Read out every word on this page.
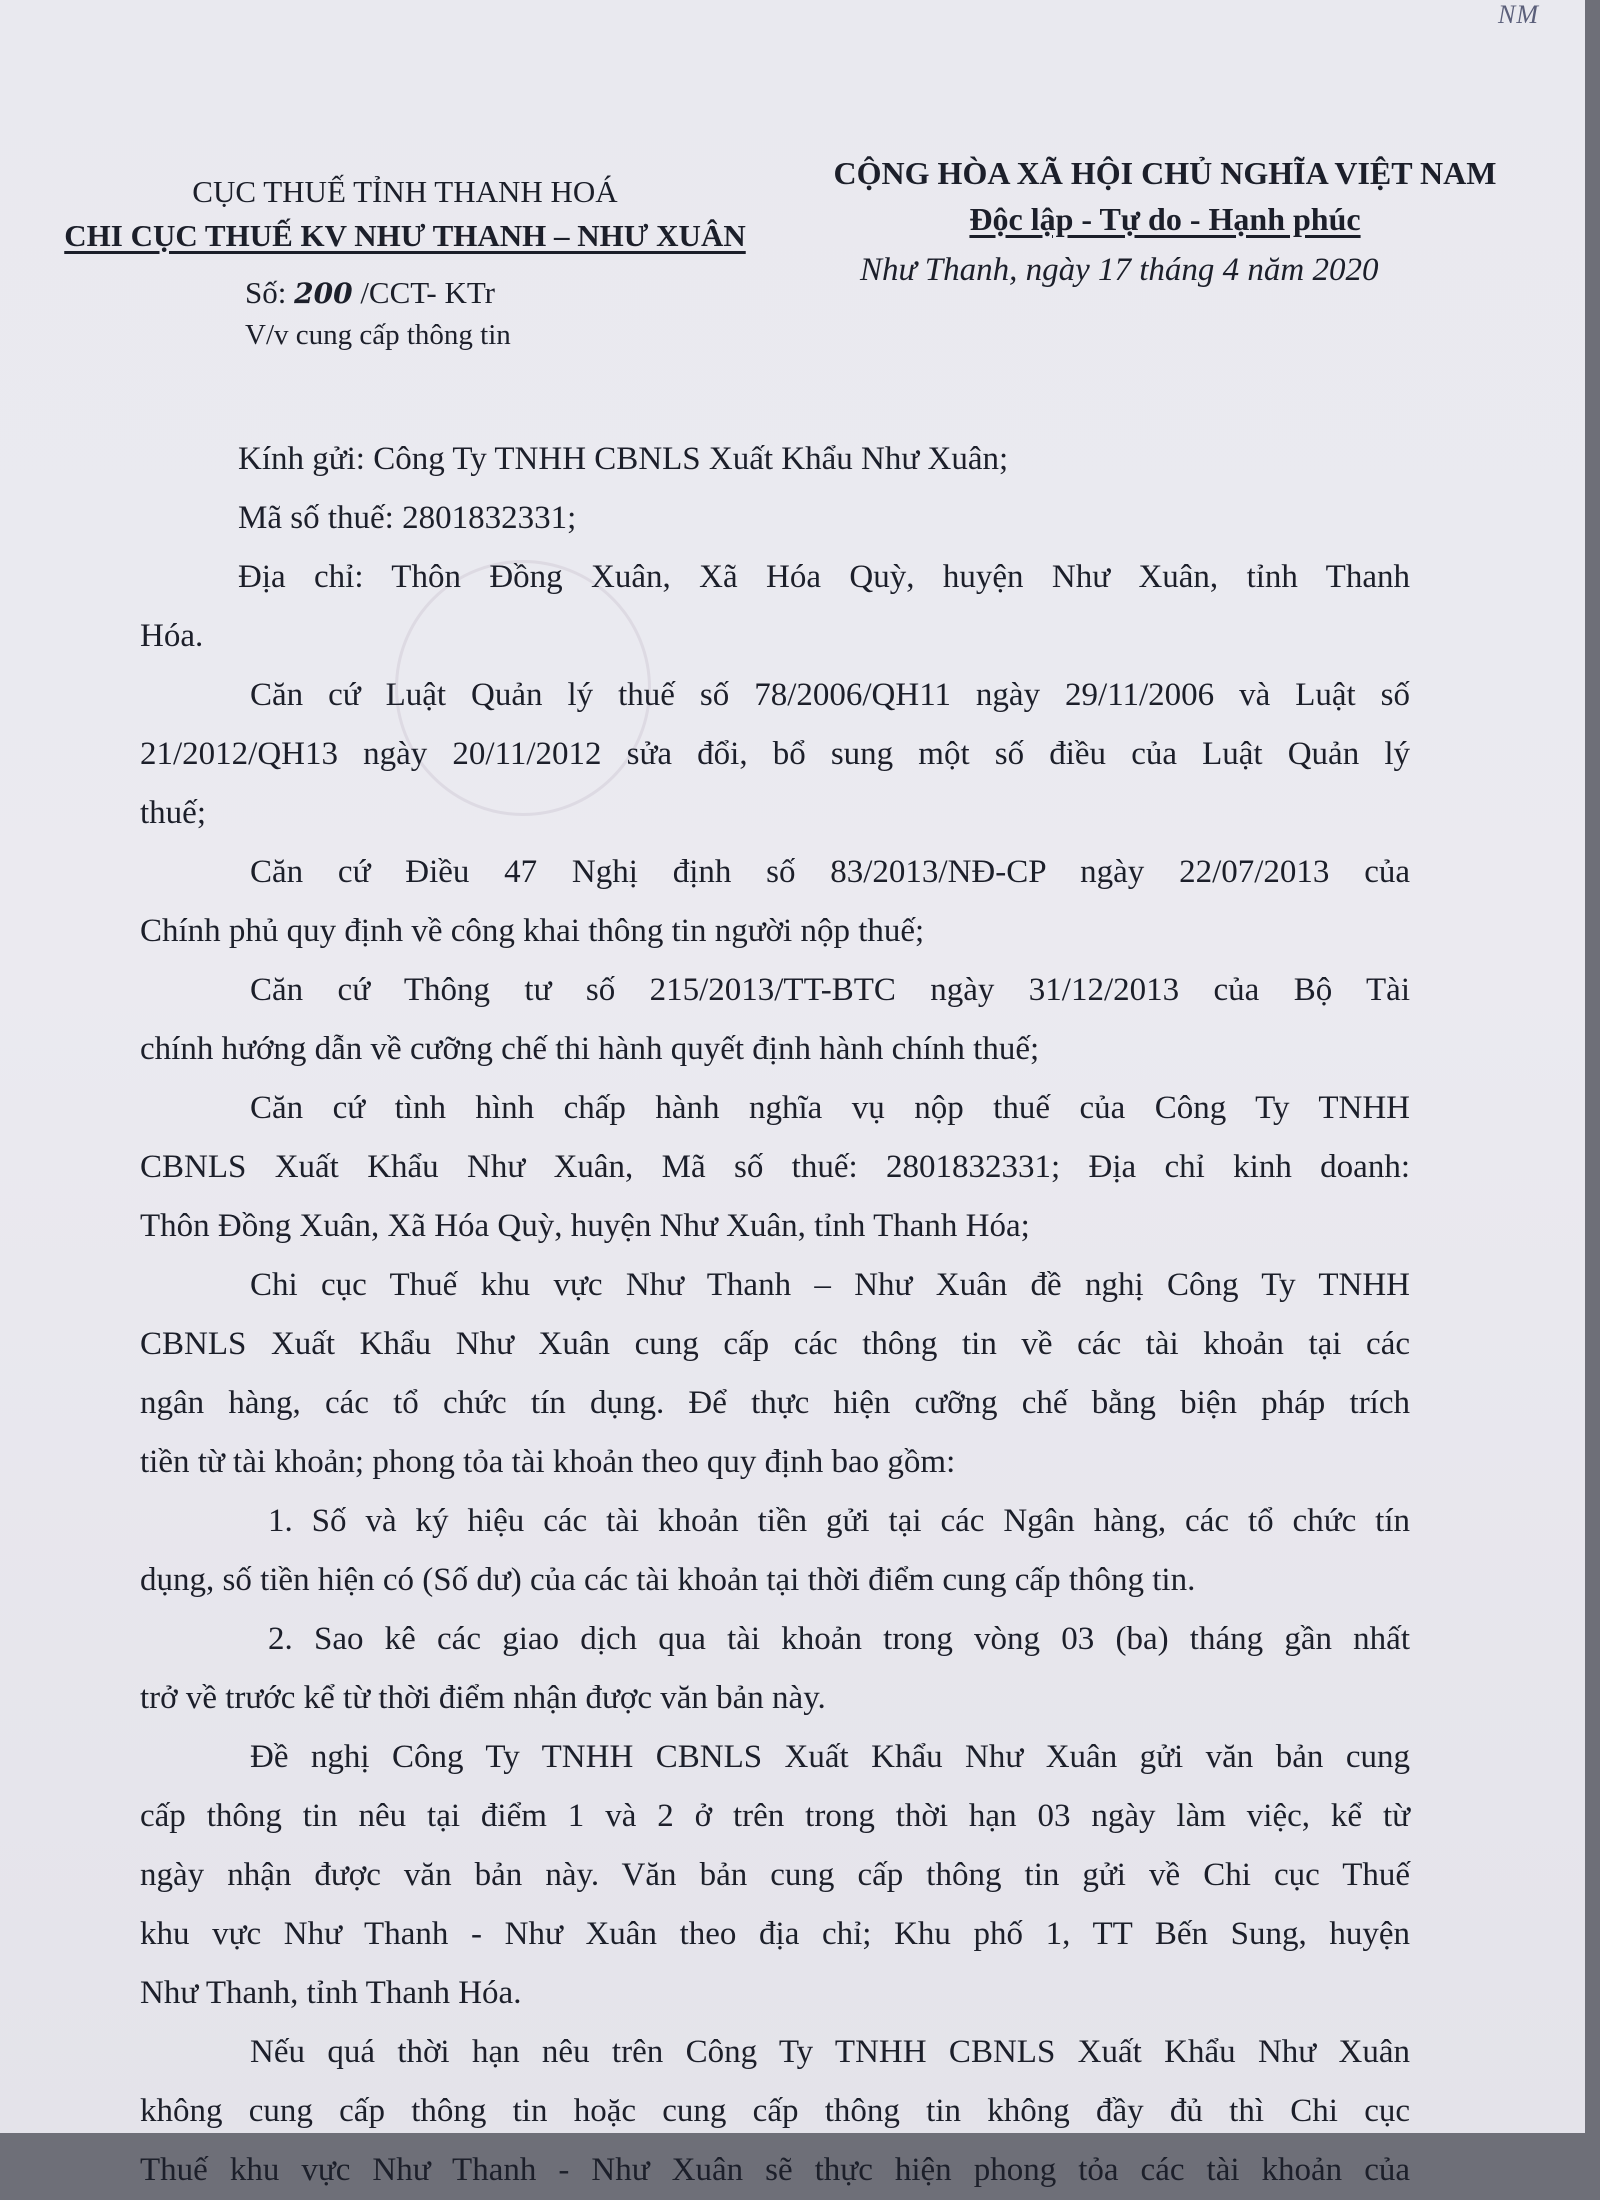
NM
CỤC THUẾ TỈNH THANH HOÁ
CHI CỤC THUẾ KV NHƯ THANH – NHƯ XUÂN
CỘNG HÒA XÃ HỘI CHỦ NGHĨA VIỆT NAM
Độc lập - Tự do - Hạnh phúc
Số: 200 /CCT- KTr
V/v cung cấp thông tin
Như Thanh, ngày 17 tháng 4 năm 2020

Kính gửi: Công Ty TNHH CBNLS Xuất Khẩu Như Xuân;
Mã số thuế: 2801832331;
Địa chỉ: Thôn Đồng Xuân, Xã Hóa Quỳ, huyện Như Xuân, tỉnh Thanh
Hóa.

Căn cứ Luật Quản lý thuế số 78/2006/QH11 ngày 29/11/2006 và Luật số
21/2012/QH13 ngày 20/11/2012 sửa đổi, bổ sung một số điều của Luật Quản lý
thuế;

Căn cứ Điều 47 Nghị định số 83/2013/NĐ-CP ngày 22/07/2013 của
Chính phủ quy định về công khai thông tin người nộp thuế;

Căn cứ Thông tư số 215/2013/TT-BTC ngày 31/12/2013 của Bộ Tài
chính hướng dẫn về cưỡng chế thi hành quyết định hành chính thuế;

Căn cứ tình hình chấp hành nghĩa vụ nộp thuế của Công Ty TNHH
CBNLS Xuất Khẩu Như Xuân, Mã số thuế: 2801832331; Địa chỉ kinh doanh:
Thôn Đồng Xuân, Xã Hóa Quỳ, huyện Như Xuân, tỉnh Thanh Hóa;

Chi cục Thuế khu vực Như Thanh – Như Xuân đề nghị Công Ty TNHH
CBNLS Xuất Khẩu Như Xuân cung cấp các thông tin về các tài khoản tại các
ngân hàng, các tổ chức tín dụng. Để thực hiện cưỡng chế bằng biện pháp trích
tiền từ tài khoản; phong tỏa tài khoản theo quy định bao gồm:

1. Số và ký hiệu các tài khoản tiền gửi tại các Ngân hàng, các tổ chức tín
dụng, số tiền hiện có (Số dư) của các tài khoản tại thời điểm cung cấp thông tin.

2. Sao kê các giao dịch qua tài khoản trong vòng 03 (ba) tháng gần nhất
trở về trước kể từ thời điểm nhận được văn bản này.

Đề nghị Công Ty TNHH CBNLS Xuất Khẩu Như Xuân gửi văn bản cung
cấp thông tin nêu tại điểm 1 và 2 ở trên trong thời hạn 03 ngày làm việc, kể từ
ngày nhận được văn bản này. Văn bản cung cấp thông tin gửi về Chi cục Thuế
khu vực Như Thanh - Như Xuân theo địa chỉ; Khu phố 1, TT Bến Sung, huyện
Như Thanh, tỉnh Thanh Hóa.

Nếu quá thời hạn nêu trên Công Ty TNHH CBNLS Xuất Khẩu Như Xuân
không cung cấp thông tin hoặc cung cấp thông tin không đầy đủ thì Chi cục
Thuế khu vực Như Thanh - Như Xuân sẽ thực hiện phong tỏa các tài khoản của
